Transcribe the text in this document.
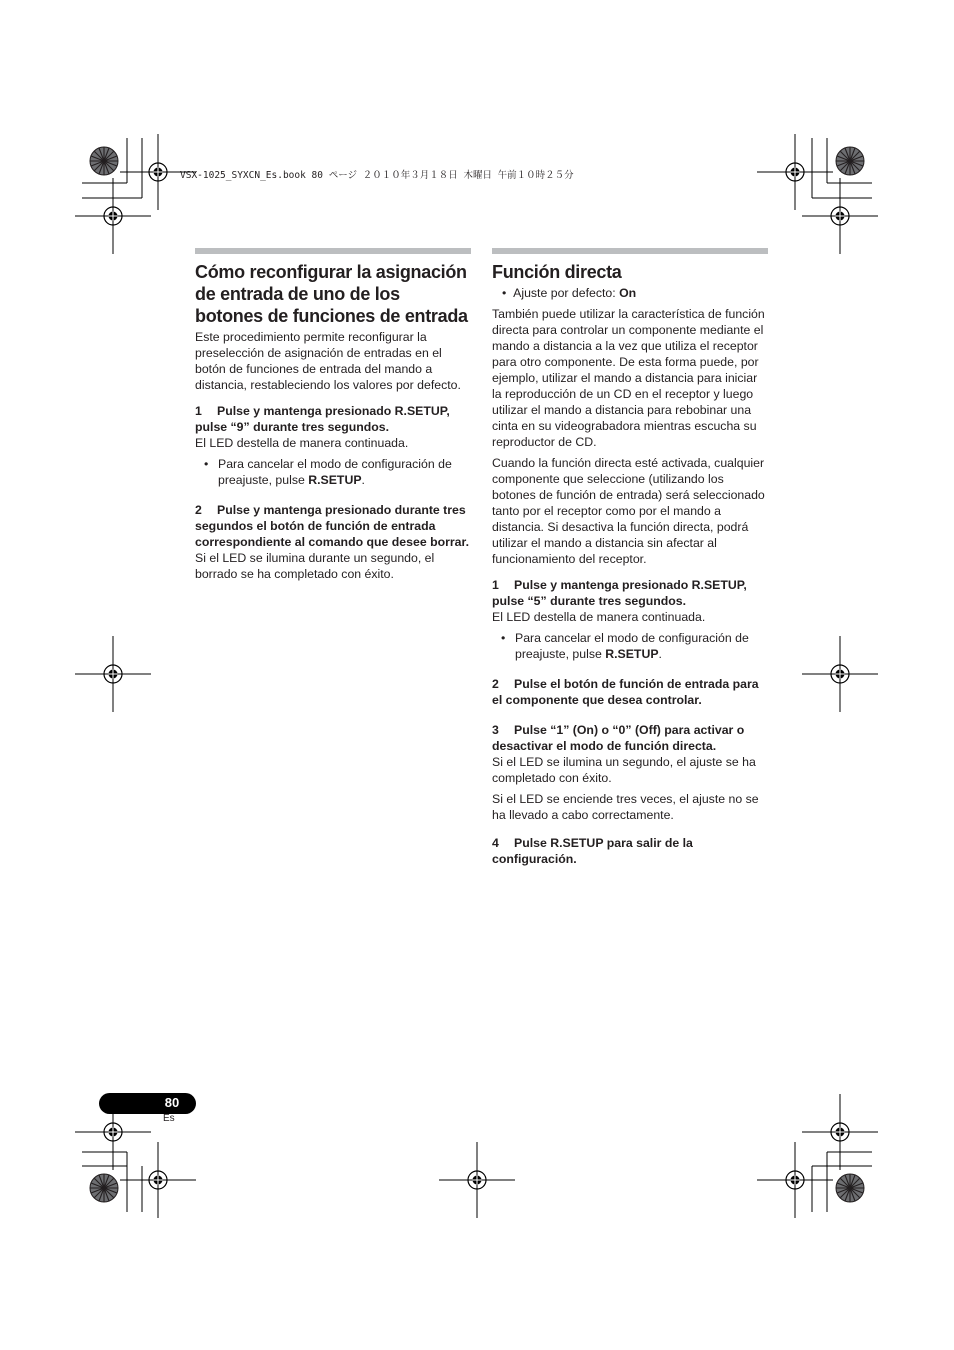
VSX-1025_SYXCN_Es.book 80 ページ ２０１０年３月１８日 木曜日 午前１０時２５分
Cómo reconfigurar la asignación de entrada de uno de los botones de funciones de entrada

Este procedimiento permite reconfigurar la preselección de asignación de entradas en el botón de funciones de entrada del mando a distancia, restableciendo los valores por defecto.

1 Pulse y mantenga presionado R.SETUP, pulse “9” durante tres segundos.

El LED destella de manera continuada.

• Para cancelar el modo de configuración de preajuste, pulse R.SETUP.

2 Pulse y mantenga presionado durante tres segundos el botón de función de entrada correspondiente al comando que desee borrar.

Si el LED se ilumina durante un segundo, el borrado se ha completado con éxito.

Función directa

•  Ajuste por defecto: On

También puede utilizar la característica de función directa para controlar un componente mediante el mando a distancia a la vez que utiliza el receptor para otro componente. De esta forma puede, por ejemplo, utilizar el mando a distancia para iniciar la reproducción de un CD en el receptor y luego utilizar el mando a distancia para rebobinar una cinta en su videograbadora mientras escucha su reproductor de CD.

Cuando la función directa esté activada, cualquier componente que seleccione (utilizando los botones de función de entrada) será seleccionado tanto por el receptor como por el mando a distancia. Si desactiva la función directa, podrá utilizar el mando a distancia sin afectar al funcionamiento del receptor.

1 Pulse y mantenga presionado R.SETUP, pulse “5” durante tres segundos.

El LED destella de manera continuada.

• Para cancelar el modo de configuración de preajuste, pulse R.SETUP.

2 Pulse el botón de función de entrada para el componente que desea controlar.

3 Pulse “1” (On) o “0” (Off) para activar o desactivar el modo de función directa.

Si el LED se ilumina un segundo, el ajuste se ha completado con éxito.

Si el LED se enciende tres veces, el ajuste no se ha llevado a cabo correctamente.

4 Pulse R.SETUP para salir de la configuración.

80
Es
